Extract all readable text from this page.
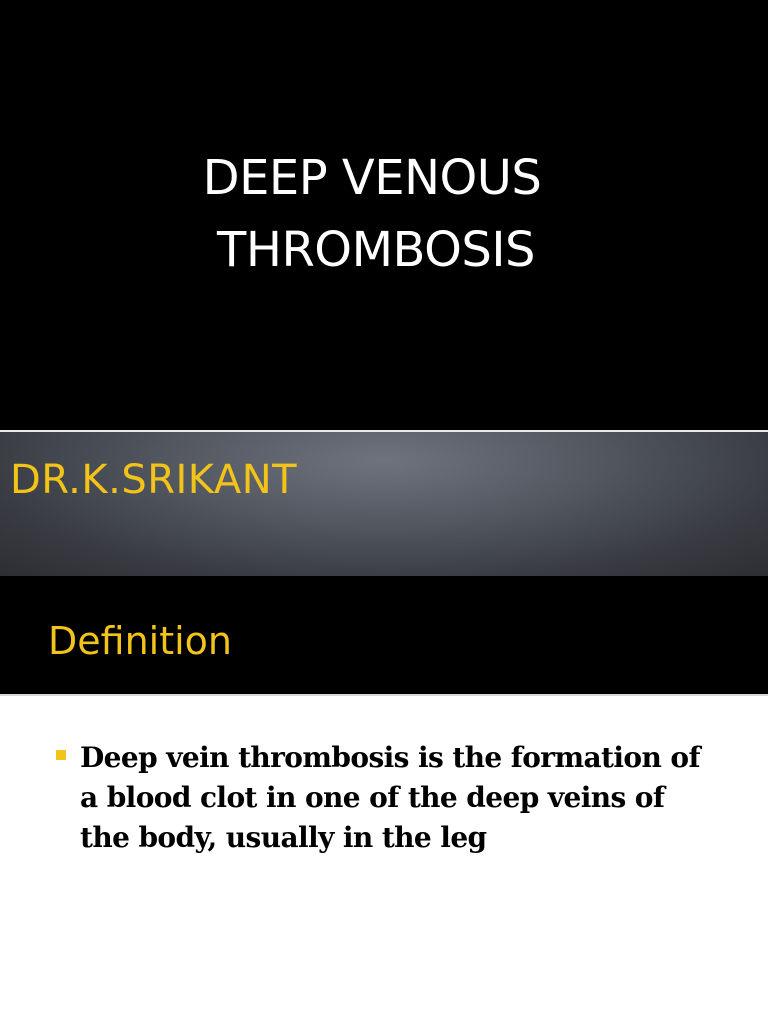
DEEP VENOUS
THROMBOSIS
DR.K.SRIKANT
Definition
Deep vein thrombosis is the formation of a blood clot in one of the deep veins of the body, usually in the leg
